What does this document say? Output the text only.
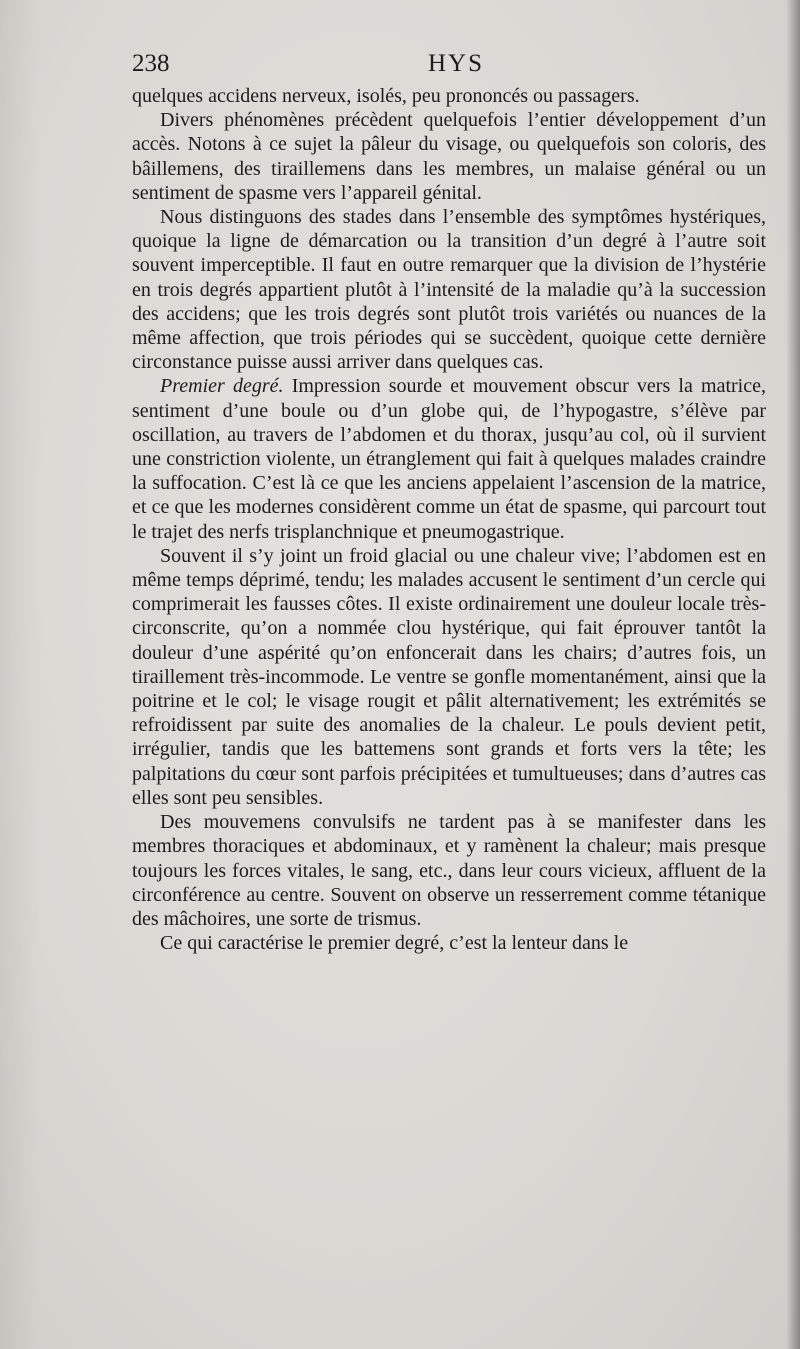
238	HYS

quelques accidens nerveux, isolés, peu prononcés ou passagers.

Divers phénomènes précèdent quelquefois l’entier développement d’un accès. Notons à ce sujet la pâleur du visage, ou quelquefois son coloris, des bâillemens, des tiraillemens dans les membres, un malaise général ou un sentiment de spasme vers l’appareil génital.

Nous distinguons des stades dans l’ensemble des symptômes hystériques, quoique la ligne de démarcation ou la transition d’un degré à l’autre soit souvent imperceptible. Il faut en outre remarquer que la division de l’hystérie en trois degrés appartient plutôt à l’intensité de la maladie qu’à la succession des accidens; que les trois degrés sont plutôt trois variétés ou nuances de la même affection, que trois périodes qui se succèdent, quoique cette dernière circonstance puisse aussi arriver dans quelques cas.

Premier degré. Impression sourde et mouvement obscur vers la matrice, sentiment d’une boule ou d’un globe qui, de l’hypogastre, s’élève par oscillation, au travers de l’abdomen et du thorax, jusqu’au col, où il survient une constriction violente, un étranglement qui fait à quelques malades craindre la suffocation. C’est là ce que les anciens appelaient l’ascension de la matrice, et ce que les modernes considèrent comme un état de spasme, qui parcourt tout le trajet des nerfs trisplanchnique et pneumogastrique.

Souvent il s’y joint un froid glacial ou une chaleur vive; l’abdomen est en même temps déprimé, tendu; les malades accusent le sentiment d’un cercle qui comprimerait les fausses côtes. Il existe ordinairement une douleur locale très-circonscrite, qu’on a nommée clou hystérique, qui fait éprouver tantôt la douleur d’une aspérité qu’on enfoncerait dans les chairs; d’autres fois, un tiraillement très-incommode. Le ventre se gonfle momentanément, ainsi que la poitrine et le col; le visage rougit et pâlit alternativement; les extrémités se refroidissent par suite des anomalies de la chaleur. Le pouls devient petit, irrégulier, tandis que les battemens sont grands et forts vers la tête; les palpitations du cœur sont parfois précipitées et tumultueuses; dans d’autres cas elles sont peu sensibles.

Des mouvemens convulsifs ne tardent pas à se manifester dans les membres thoraciques et abdominaux, et y ramènent la chaleur; mais presque toujours les forces vitales, le sang, etc., dans leur cours vicieux, affluent de la circonférence au centre. Souvent on observe un resserrement comme tétanique des mâchoires, une sorte de trismus.

Ce qui caractérise le premier degré, c’est la lenteur dans le
